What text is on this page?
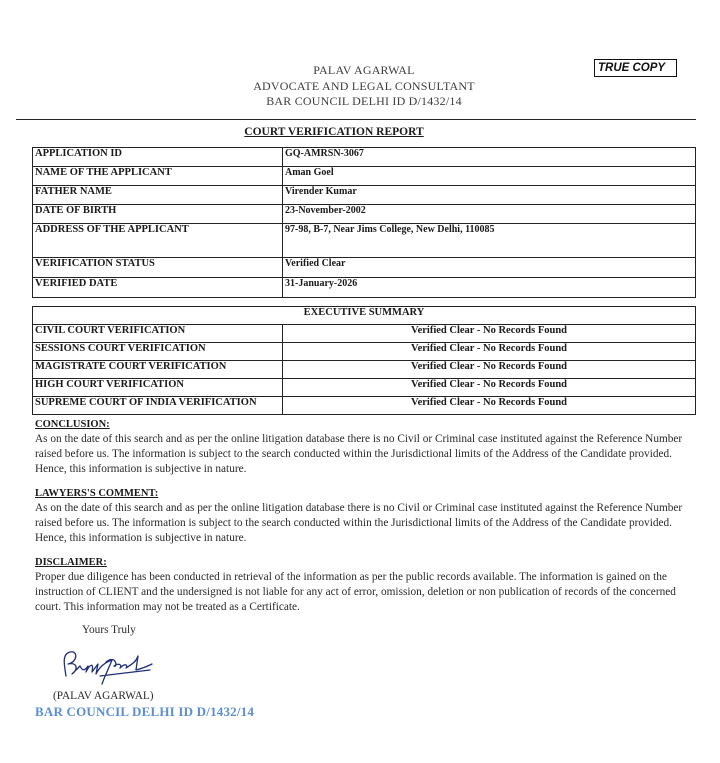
PALAV AGARWAL
ADVOCATE AND LEGAL CONSULTANT
BAR COUNCIL DELHI ID D/1432/14
TRUE COPY
COURT VERIFICATION REPORT
APPLICATION ID	GQ-AMRSN-3067
NAME OF THE APPLICANT	Aman Goel
FATHER NAME	Virender Kumar
DATE OF BIRTH	23-November-2002
ADDRESS OF THE APPLICANT	97-98, B-7, Near Jims College, New Delhi, 110085
VERIFICATION STATUS	Verified Clear
VERIFIED DATE	31-January-2026
EXECUTIVE SUMMARY	
CIVIL COURT VERIFICATION	Verified Clear - No Records Found
SESSIONS COURT VERIFICATION	Verified Clear - No Records Found
MAGISTRATE COURT VERIFICATION	Verified Clear - No Records Found
HIGH COURT VERIFICATION	Verified Clear - No Records Found
SUPREME COURT OF INDIA VERIFICATION	Verified Clear - No Records Found
CONCLUSION:
As on the date of this search and as per the online litigation database there is no Civil or Criminal case instituted against the Reference Number raised before us. The information is subject to the search conducted within the Jurisdictional limits of the Address of the Candidate provided. Hence, this information is subjective in nature.
LAWYERS'S COMMENT:
As on the date of this search and as per the online litigation database there is no Civil or Criminal case instituted against the Reference Number raised before us. The information is subject to the search conducted within the Jurisdictional limits of the Address of the Candidate provided. Hence, this information is subjective in nature.
DISCLAIMER:
Proper due diligence has been conducted in retrieval of the information as per the public records available. The information is gained on the instruction of CLIENT and the undersigned is not liable for any act of error, omission, deletion or non publication of records of the concerned court. This information may not be treated as a Certificate.
Yours Truly
(PALAV AGARWAL)
BAR COUNCIL DELHI ID D/1432/14
